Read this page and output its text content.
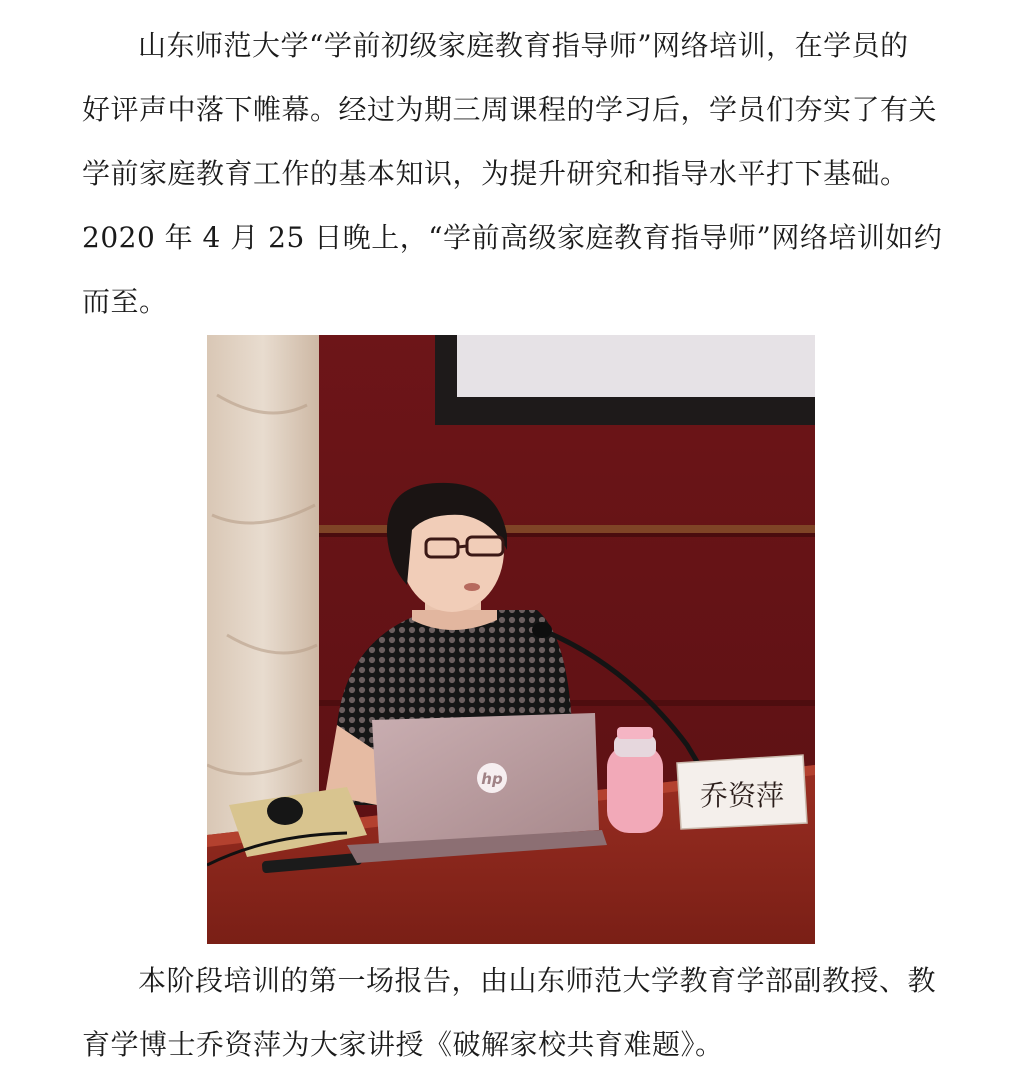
山东师范大学“学前初级家庭教育指导师”网络培训，在学员的
好评声中落下帷幕。经过为期三周课程的学习后，学员们夯实了有关
学前家庭教育工作的基本知识，为提升研究和指导水平打下基础。
2020 年 4 月 25 日晚上，“学前高级家庭教育指导师”网络培训如约
而至。

hp	乔资萍

本阶段培训的第一场报告，由山东师范大学教育学部副教授、教
育学博士乔资萍为大家讲授《破解家校共育难题》。
